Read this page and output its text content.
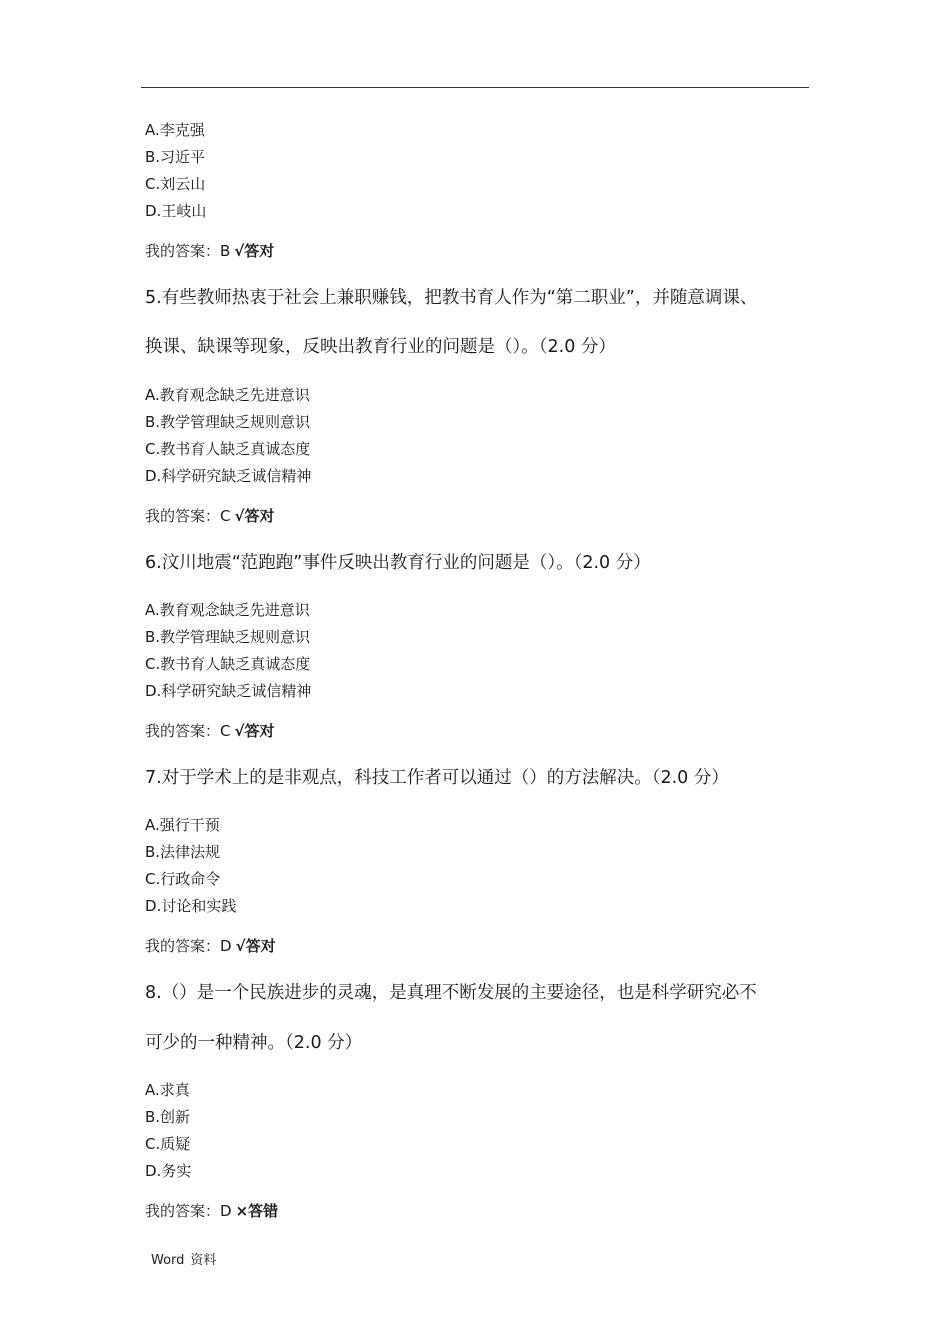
A.李克强
B.习近平
C.刘云山
D.王岐山
我的答案：B √答对
5.有些教师热衷于社会上兼职赚钱，把教书育人作为“第二职业”，并随意调课、
换课、缺课等现象，反映出教育行业的问题是（）。（2.0 分）
A.教育观念缺乏先进意识
B.教学管理缺乏规则意识
C.教书育人缺乏真诚态度
D.科学研究缺乏诚信精神
我的答案：C √答对
6.汶川地震“范跑跑”事件反映出教育行业的问题是（）。（2.0 分）
A.教育观念缺乏先进意识
B.教学管理缺乏规则意识
C.教书育人缺乏真诚态度
D.科学研究缺乏诚信精神
我的答案：C √答对
7.对于学术上的是非观点，科技工作者可以通过（）的方法解决。（2.0 分）
A.强行干预
B.法律法规
C.行政命令
D.讨论和实践
我的答案：D √答对
8.（）是一个民族进步的灵魂，是真理不断发展的主要途径，也是科学研究必不
可少的一种精神。（2.0 分）
A.求真
B.创新
C.质疑
D.务实
我的答案：D ×答错
Word 资料
